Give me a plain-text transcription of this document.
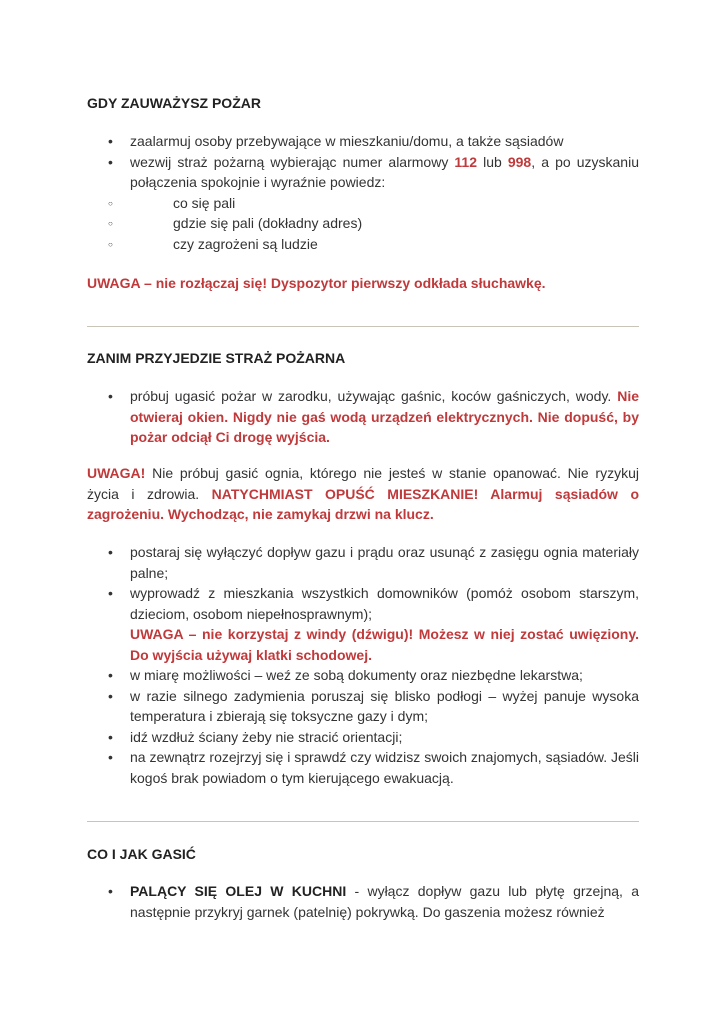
GDY ZAUWAŻYSZ POŻAR
• zaalarmuj osoby przebywające w mieszkaniu/domu, a także sąsiadów
• wezwij straż pożarną wybierając numer alarmowy 112 lub 998, a po uzyskaniu połączenia spokojnie i wyraźnie powiedz:
○ co się pali
○ gdzie się pali (dokładny adres)
○ czy zagrożeni są ludzie
UWAGA – nie rozłączaj się! Dyspozytor pierwszy odkłada słuchawkę.
ZANIM PRZYJEDZIE STRAŻ POŻARNA
• próbuj ugasić pożar w zarodku, używając gaśnic, koców gaśniczych, wody. Nie otwieraj okien. Nigdy nie gaś wodą urządzeń elektrycznych. Nie dopuść, by pożar odciął Ci drogę wyjścia.
UWAGA! Nie próbuj gasić ognia, którego nie jesteś w stanie opanować. Nie ryzykuj życia i zdrowia. NATYCHMIAST OPUŚĆ MIESZKANIE! Alarmuj sąsiadów o zagrożeniu. Wychodząc, nie zamykaj drzwi na klucz.
• postaraj się wyłączyć dopływ gazu i prądu oraz usunąć z zasięgu ognia materiały palne;
• wyprowadź z mieszkania wszystkich domowników (pomóż osobom starszym, dzieciom, osobom niepełnosprawnym);
UWAGA – nie korzystaj z windy (dźwigu)! Możesz w niej zostać uwięziony. Do wyjścia używaj klatki schodowej.
• w miarę możliwości – weź ze sobą dokumenty oraz niezbędne lekarstwa;
• w razie silnego zadymienia poruszaj się blisko podłogi – wyżej panuje wysoka temperatura i zbierają się toksyczne gazy i dym;
• idź wzdłuż ściany żeby nie stracić orientacji;
• na zewnątrz rozejrzyj się i sprawdź czy widzisz swoich znajomych, sąsiadów. Jeśli kogoś brak powiadom o tym kierującego ewakuacją.
CO I JAK GASIĆ
• PALĄCY SIĘ OLEJ W KUCHNI - wyłącz dopływ gazu lub płytę grzejną, a następnie przykryj garnek (patelnię) pokrywką. Do gaszenia możesz również
